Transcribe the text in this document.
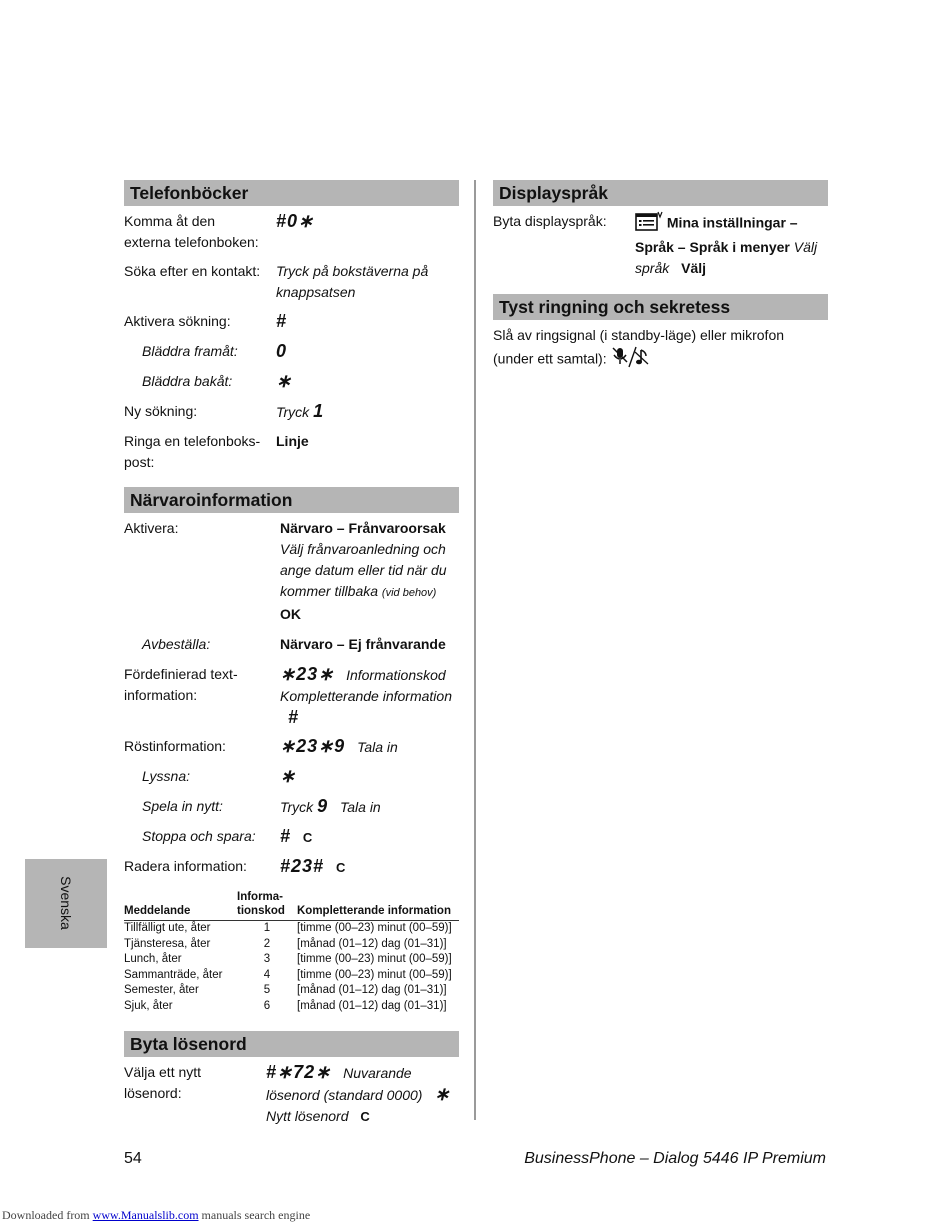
Telefonböcker
Komma åt den externa telefonboken:
#0∗
Söka efter en kontakt: Tryck på bokstäverna på knappsatsen
Aktivera sökning:	#
Bläddra framåt: 0
Bläddra bakåt: ∗
Ny sökning:	Tryck 1
Ringa en telefonboks-post:
Linje
Närvaroinformation
Aktivera:	Närvaro – Frånvaroorsak
Välj frånvaroanledning och ange datum eller tid när du kommer tillbaka (vid behov)
OK
Avbeställa:	Närvaro – Ej frånvarande
Fördefinierad text-information:
∗23∗ Informationskod
Kompletterande information #
Röstinformation:	∗23∗9 Tala in
Lyssna:	∗
Spela in nytt:	Tryck 9 Tala in
Stoppa och spara: # C
Radera information: #23# C
Meddelande	Informa-tionskod	Kompletterande information
Tillfälligt ute, åter	1	[timme (00–23) minut (00–59)]
Tjänsteresa, åter	2	[månad (01–12) dag (01–31)]
Lunch, åter	3	[timme (00–23) minut (00–59)]
Sammanträde, åter	4	[timme (00–23) minut (00–59)]
Semester, åter	5	[månad (01–12) dag (01–31)]
Sjuk, åter	6	[månad (01–12) dag (01–31)]
Byta lösenord
Välja ett nytt lösenord:
#∗72∗ Nuvarande lösenord (standard 0000) ∗
Nytt lösenord C
Displayspråk
Byta displayspråk:	Mina inställningar –
Språk – Språk i menyer Välj
språk Välj
Tyst ringning och sekretess
Slå av ringsignal (i standby-läge) eller mikrofon (under ett samtal):
Svenska
54	BusinessPhone – Dialog 5446 IP Premium
Downloaded from www.Manualslib.com manuals search engine
